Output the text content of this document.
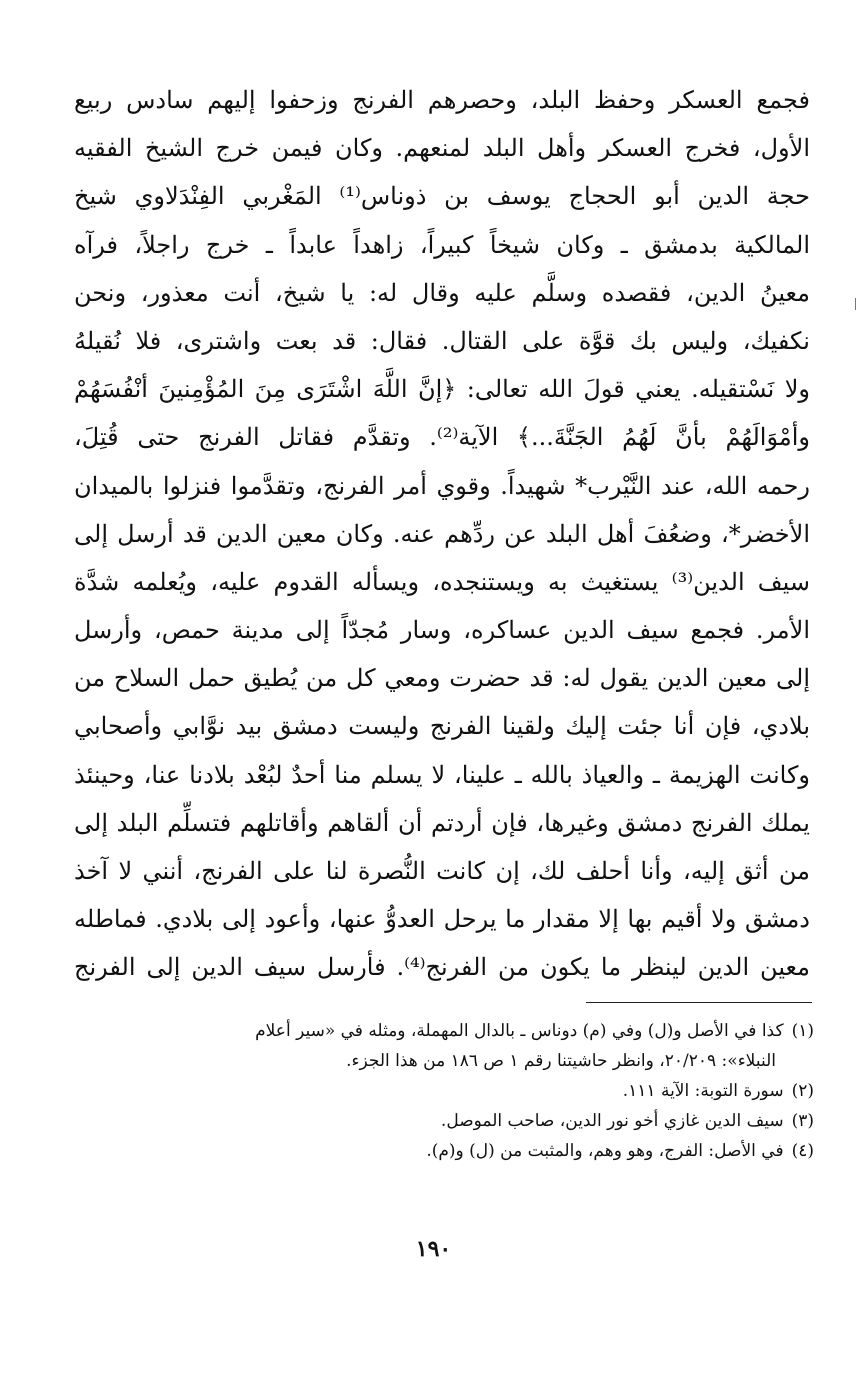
فجمع العسكر وحفظ البلد، وحصرهم الفرنج وزحفوا إليهم سادس ربيع
الأول، فخرج العسكر وأهل البلد لمنعهم. وكان فيمن خرج الشيخ الفقيه
حجة الدين أبو الحجاج يوسف بن ذوناس⁽¹⁾ المَغْربي الفِنْدَلاوي شيخ
المالكية بدمشق ـ وكان شيخاً كبيراً، زاهداً عابداً ـ خرج راجلاً، فرآه
معينُ الدين، فقصده وسلَّم عليه وقال له: يا شيخ، أنت معذور، ونحن
نكفيك، وليس بك قوَّة على القتال. فقال: قد بعت واشترى، فلا نُقيلهُ
ولا نَسْتقيله. يعني قولَ الله تعالى: ﴿إنَّ اللَّهَ اشْتَرَى مِنَ المُؤْمِنينَ أنْفُسَهُمْ
وأمْوَالَهُمْ بأنَّ لَهُمُ الجَنَّةَ...﴾ الآية⁽²⁾. وتقدَّم فقاتل الفرنج حتى قُتِلَ،
رحمه الله، عند النَّيْرب* شهيداً. وقوي أمر الفرنج، وتقدَّموا فنزلوا بالميدان
الأخضر*، وضعُفَ أهل البلد عن ردِّهم عنه. وكان معين الدين قد أرسل إلى
سيف الدين⁽³⁾ يستغيث به ويستنجده، ويسأله القدوم عليه، ويُعلمه شدَّة
الأمر. فجمع سيف الدين عساكره، وسار مُجدّاً إلى مدينة حمص، وأرسل
إلى معين الدين يقول له: قد حضرت ومعي كل من يُطيق حمل السلاح من
بلادي، فإن أنا جئت إليك ولقينا الفرنج وليست دمشق بيد نوَّابي وأصحابي
وكانت الهزيمة ـ والعياذ بالله ـ علينا، لا يسلم منا أحدٌ لبُعْد بلادنا عنا، وحينئذ
يملك الفرنج دمشق وغيرها، فإن أردتم أن ألقاهم وأقاتلهم فتسلِّم البلد إلى
من أثق إليه، وأنا أحلف لك، إن كانت النُّصرة لنا على الفرنج، أنني لا آخذ
دمشق ولا أقيم بها إلا مقدار ما يرحل العدوُّ عنها، وأعود إلى بلادي. فماطله
معين الدين لينظر ما يكون من الفرنج⁽⁴⁾. فأرسل سيف الدين إلى الفرنج
(١)كذا في الأصل و(ل) وفي (م) دوناس ـ بالدال المهملة، ومثله في «سير أعلام
النبلاء»: ٢٠/٢٠٩، وانظر حاشيتنا رقم ١ ص ١٨٦ من هذا الجزء.
(٢)سورة التوبة: الآية ١١١.
(٣)سيف الدين غازي أخو نور الدين، صاحب الموصل.
(٤)في الأصل: الفرج، وهو وهم، والمثبت من (ل) و(م).
١٩٠
